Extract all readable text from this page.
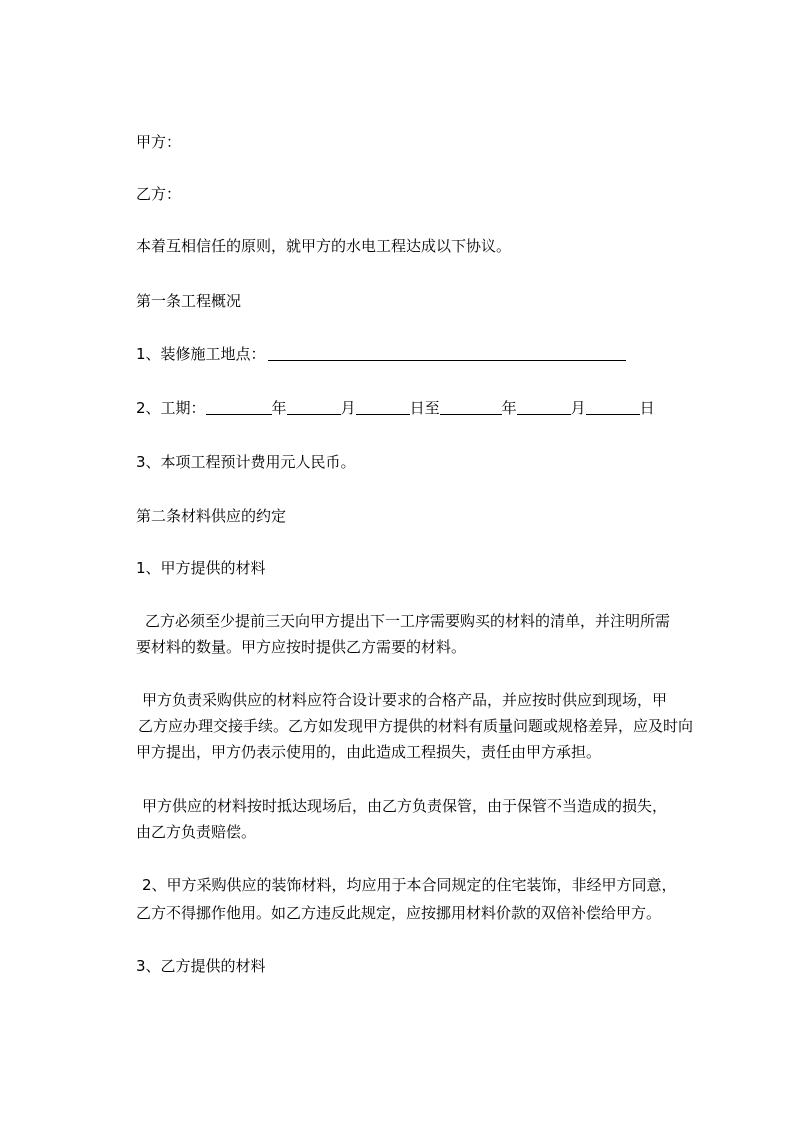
甲方：

乙方：

本着互相信任的原则，就甲方的水电工程达成以下协议。

第一条工程概况

1、装修施工地点：

2、工期：	年	月	日至	年	月	日

3、本项工程预计费用元人民币。

第二条材料供应的约定

1、甲方提供的材料

乙方必须至少提前三天向甲方提出下一工序需要购买的材料的清单，并注明所需

要材料的数量。甲方应按时提供乙方需要的材料。

甲方负责采购供应的材料应符合设计要求的合格产品，并应按时供应到现场，甲

乙方应办理交接手续。乙方如发现甲方提供的材料有质量问题或规格差异，应及时向

甲方提出，甲方仍表示使用的，由此造成工程损失，责任由甲方承担。

甲方供应的材料按时抵达现场后，由乙方负责保管，由于保管不当造成的损失，

由乙方负责赔偿。

2、甲方采购供应的装饰材料，均应用于本合同规定的住宅装饰，非经甲方同意，

乙方不得挪作他用。如乙方违反此规定，应按挪用材料价款的双倍补偿给甲方。

3、乙方提供的材料
